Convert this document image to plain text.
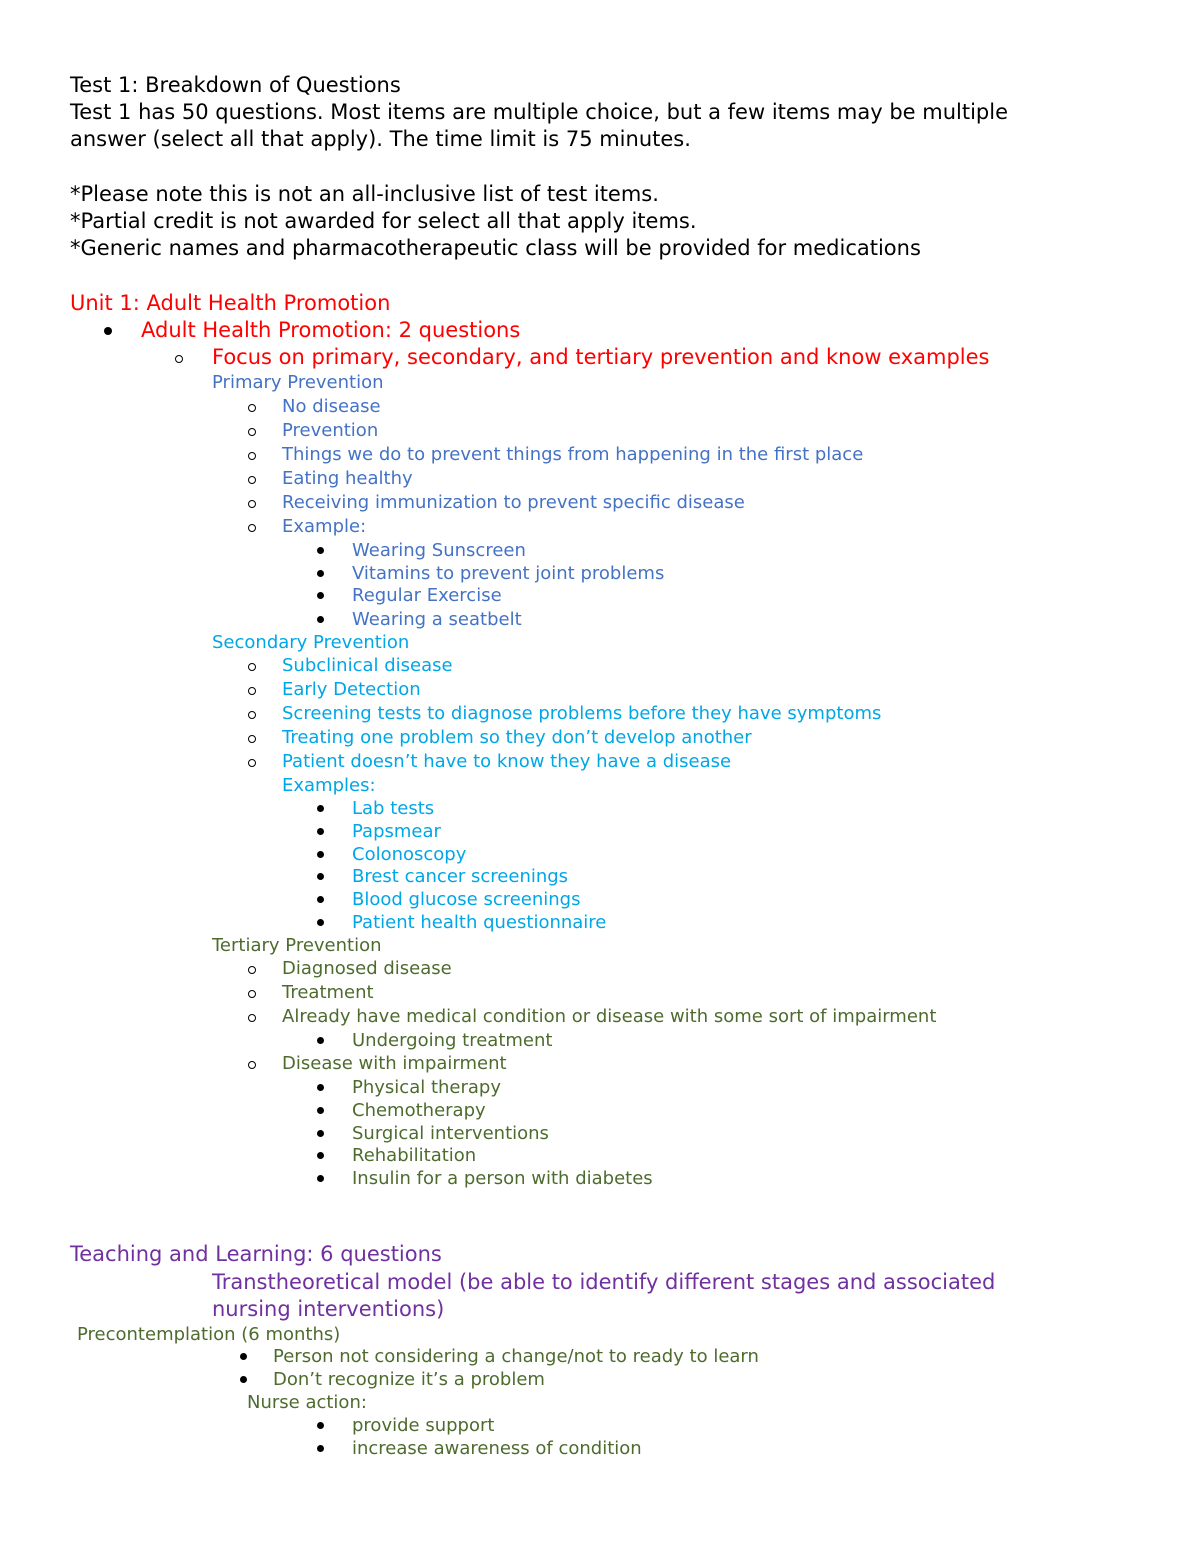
Test 1: Breakdown of Questions
Test 1 has 50 questions. Most items are multiple choice, but a few items may be multiple
answer (select all that apply). The time limit is 75 minutes.
*Please note this is not an all-inclusive list of test items.
*Partial credit is not awarded for select all that apply items.
*Generic names and pharmacotherapeutic class will be provided for medications
Unit 1: Adult Health Promotion
Adult Health Promotion: 2 questions
Focus on primary, secondary, and tertiary prevention and know examples
Primary Prevention
No disease
Prevention
Things we do to prevent things from happening in the first place
Eating healthy
Receiving immunization to prevent specific disease
Example:
Wearing Sunscreen
Vitamins to prevent joint problems
Regular Exercise
Wearing a seatbelt
Secondary Prevention
Subclinical disease
Early Detection
Screening tests to diagnose problems before they have symptoms
Treating one problem so they don’t develop another
Patient doesn’t have to know they have a disease
Examples:
Lab tests
Papsmear
Colonoscopy
Brest cancer screenings
Blood glucose screenings
Patient health questionnaire
Tertiary Prevention
Diagnosed disease
Treatment
Already have medical condition or disease with some sort of impairment
Undergoing treatment
Disease with impairment
Physical therapy
Chemotherapy
Surgical interventions
Rehabilitation
Insulin for a person with diabetes
Teaching and Learning: 6 questions
Transtheoretical model (be able to identify different stages and associated
nursing interventions)
Precontemplation (6 months)
Person not considering a change/not to ready to learn
Don’t recognize it’s a problem
Nurse action:
provide support
increase awareness of condition
